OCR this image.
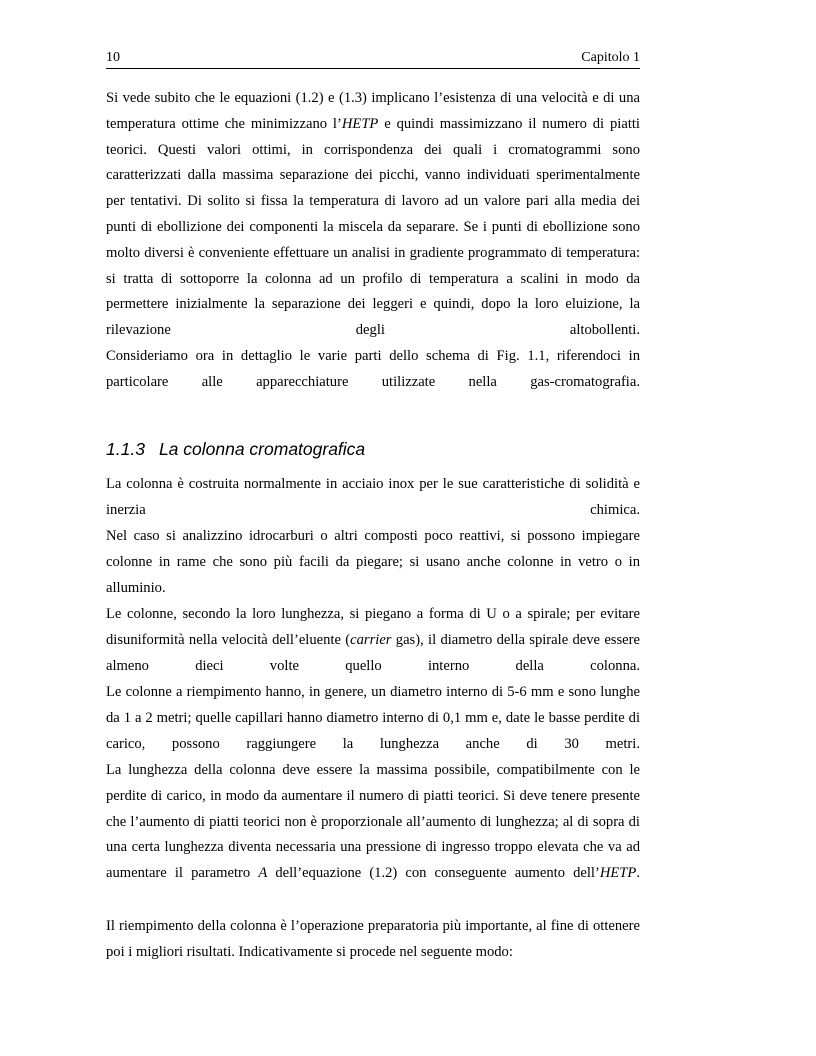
10	Capitolo 1

Si vede subito che le equazioni (1.2) e (1.3) implicano l’esistenza di una velocità e di una temperatura ottime che minimizzano l’HETP e quindi massimizzano il numero di piatti teorici. Questi valori ottimi, in corrispondenza dei quali i cromatogrammi sono caratterizzati dalla massima separazione dei picchi, vanno individuati sperimentalmente per tentativi. Di solito si fissa la temperatura di lavoro ad un valore pari alla media dei punti di ebollizione dei componenti la miscela da separare. Se i punti di ebollizione sono molto diversi è conveniente effettuare un analisi in gradiente programmato di temperatura: si tratta di sottoporre la colonna ad un profilo di temperatura a scalini in modo da permettere inizialmente la separazione dei leggeri e quindi, dopo la loro eluizione, la rilevazione degli altobollenti.

Consideriamo ora in dettaglio le varie parti dello schema di Fig. 1.1, riferendoci in particolare alle apparecchiature utilizzate nella gas-cromatografia.

1.1.3 La colonna cromatografica

La colonna è costruita normalmente in acciaio inox per le sue caratteristiche di solidità e inerzia chimica.

Nel caso si analizzino idrocarburi o altri composti poco reattivi, si possono impiegare colonne in rame che sono più facili da piegare; si usano anche colonne in vetro o in alluminio.

Le colonne, secondo la loro lunghezza, si piegano a forma di U o a spirale; per evitare disuniformità nella velocità dell’eluente (carrier gas), il diametro della spirale deve essere almeno dieci volte quello interno della colonna.

Le colonne a riempimento hanno, in genere, un diametro interno di 5-6 mm e sono lunghe da 1 a 2 metri; quelle capillari hanno diametro interno di 0,1 mm e, date le basse perdite di carico, possono raggiungere la lunghezza anche di 30 metri.

La lunghezza della colonna deve essere la massima possibile, compatibilmente con le perdite di carico, in modo da aumentare il numero di piatti teorici. Si deve tenere presente che l’aumento di piatti teorici non è proporzionale all’aumento di lunghezza; al di sopra di una certa lunghezza diventa necessaria una pressione di ingresso troppo elevata che va ad aumentare il parametro A dell’equazione (1.2) con conseguente aumento dell’HETP.

Il riempimento della colonna è l’operazione preparatoria più importante, al fine di ottenere poi i migliori risultati. Indicativamente si procede nel seguente modo:
